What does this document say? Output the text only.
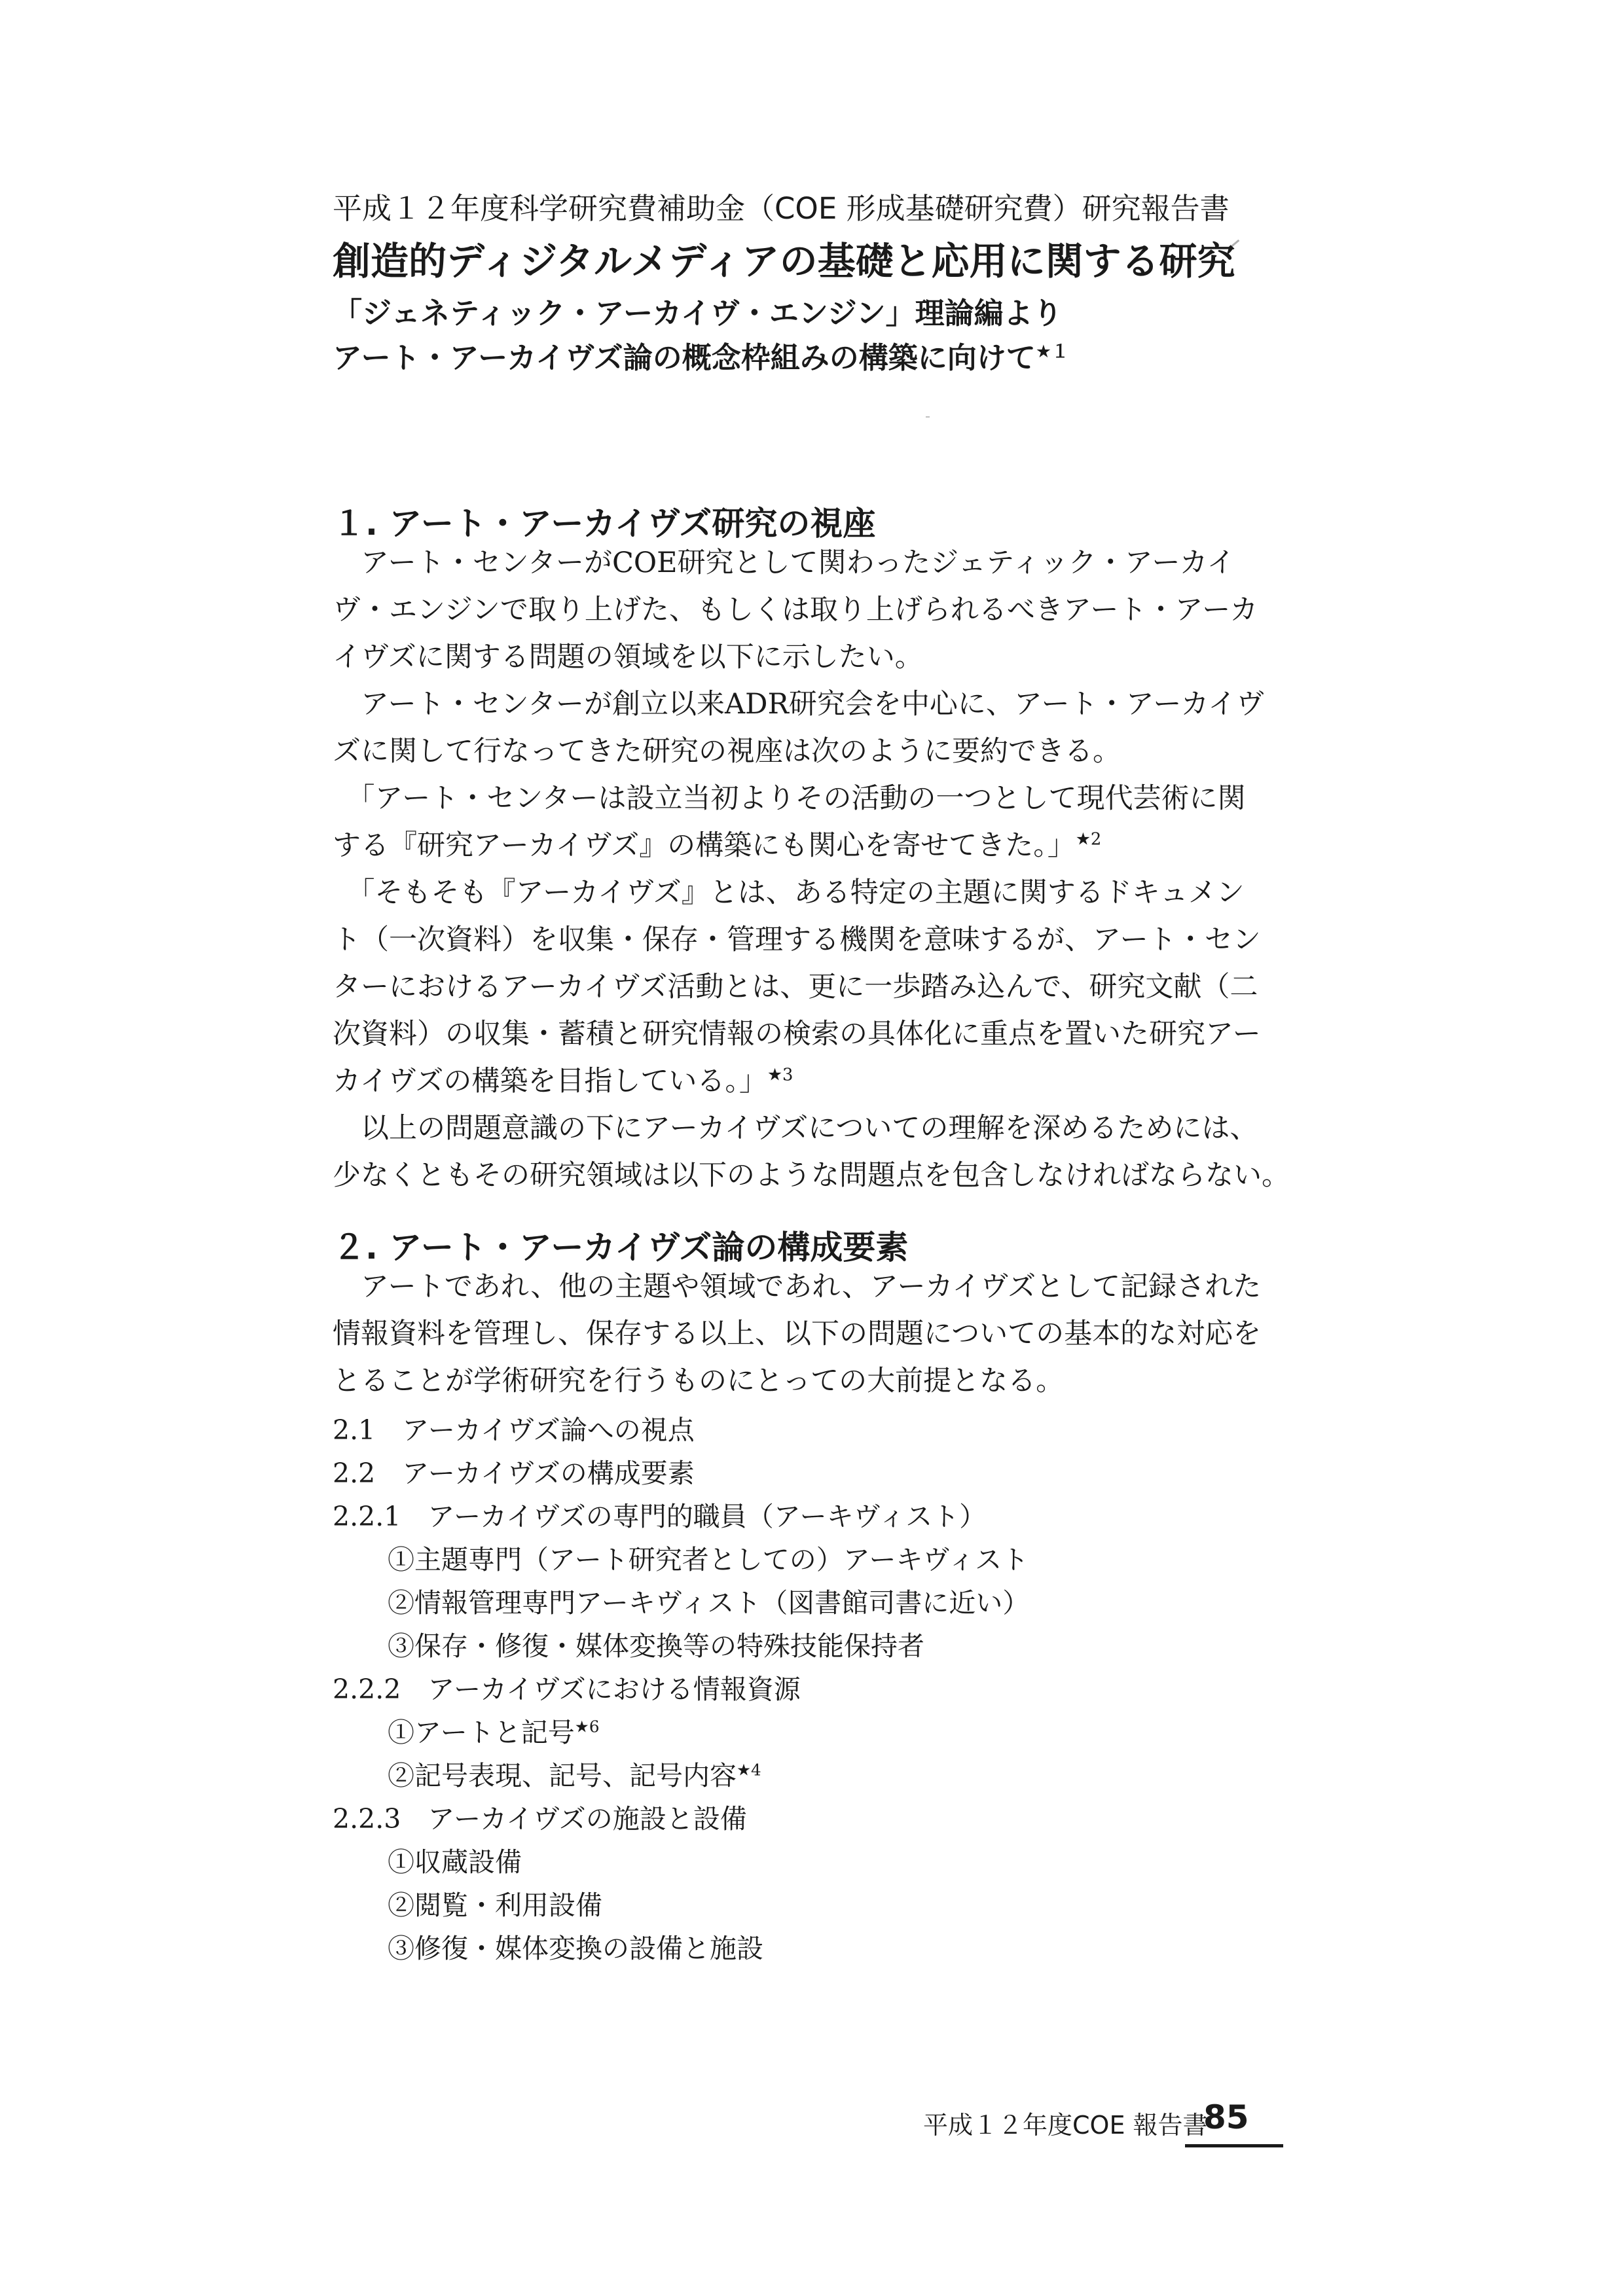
平成１２年度科学研究費補助金（COE 形成基礎研究費）研究報告書
創造的ディジタルメディアの基礎と応用に関する研究
「ジェネティック・アーカイヴ・エンジン」理論編より
アート・アーカイヴズ論の概念枠組みの構築に向けて$^{★1}$
１. アート・アーカイヴズ研究の視座
　アート・センターがCOE研究として関わったジェティック・アーカイ
ヴ・エンジンで取り上げた、もしくは取り上げられるべきアート・アーカ
イヴズに関する問題の領域を以下に示したい。
　アート・センターが創立以来ADR研究会を中心に、アート・アーカイヴ
ズに関して行なってきた研究の視座は次のように要約できる。
　「アート・センターは設立当初よりその活動の一つとして現代芸術に関
する『研究アーカイヴズ』の構築にも関心を寄せてきた。」$^{★2}$
　「そもそも『アーカイヴズ』とは、ある特定の主題に関するドキュメン
ト（一次資料）を収集・保存・管理する機関を意味するが、アート・セン
ターにおけるアーカイヴズ活動とは、更に一歩踏み込んで、研究文献（二
次資料）の収集・蓄積と研究情報の検索の具体化に重点を置いた研究アー
カイヴズの構築を目指している。」$^{★3}$
　以上の問題意識の下にアーカイヴズについての理解を深めるためには、
少なくともその研究領域は以下のような問題点を包含しなければならない。
２. アート・アーカイヴズ論の構成要素
　アートであれ、他の主題や領域であれ、アーカイヴズとして記録された
情報資料を管理し、保存する以上、以下の問題についての基本的な対応を
とることが学術研究を行うものにとっての大前提となる。
2.1　アーカイヴズ論への視点
2.2　アーカイヴズの構成要素
2.2.1　アーカイヴズの専門的職員（アーキヴィスト）
①主題専門（アート研究者としての）アーキヴィスト
②情報管理専門アーキヴィスト（図書館司書に近い）
③保存・修復・媒体変換等の特殊技能保持者
2.2.2　アーカイヴズにおける情報資源
①アートと記号$^{★6}$
②記号表現、記号、記号内容$^{★4}$
2.2.3　アーカイヴズの施設と設備
①収蔵設備
②閲覧・利用設備
③修復・媒体変換の設備と施設
平成１２年度COE 報告書
85
